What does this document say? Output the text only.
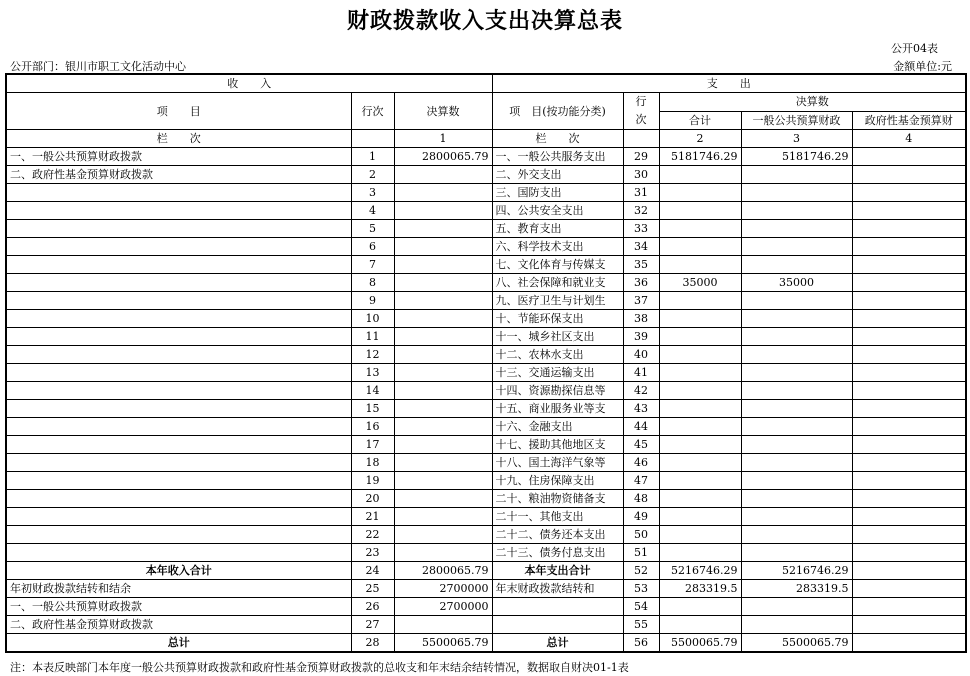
财政拨款收入支出决算总表
公开04表
公开部门：银川市职工文化活动中心	金额单位:元
收　　入			支　　出				
项　　目	行次	决算数	项　目(按功能分类)	行次	决算数		
					合计	一般公共预算财政	政府性基金预算财
栏　　次		1	栏　　次		2	3	4
一、一般公共预算财政拨款	1	2800065.79	一、一般公共服务支出	29	5181746.29	5181746.29	
二、政府性基金预算财政拨款	2		二、外交支出	30			
	3		三、国防支出	31			
	4		四、公共安全支出	32			
	5		五、教育支出	33			
	6		六、科学技术支出	34			
	7		七、文化体育与传媒支	35			
	8		八、社会保障和就业支	36	35000	35000	
	9		九、医疗卫生与计划生	37			
	10		十、节能环保支出	38			
	11		十一、城乡社区支出	39			
	12		十二、农林水支出	40			
	13		十三、交通运输支出	41			
	14		十四、资源勘探信息等	42			
	15		十五、商业服务业等支	43			
	16		十六、金融支出	44			
	17		十七、援助其他地区支	45			
	18		十八、国土海洋气象等	46			
	19		十九、住房保障支出	47			
	20		二十、粮油物资储备支	48			
	21		二十一、其他支出	49			
	22		二十二、债务还本支出	50			
	23		二十三、债务付息支出	51			
本年收入合计	24	2800065.79	本年支出合计	52	5216746.29	5216746.29	
年初财政拨款结转和结余	25	2700000	年末财政拨款结转和	53	283319.5	283319.5	
一、一般公共预算财政拨款	26	2700000		54			
二、政府性基金预算财政拨款	27			55			
总计	28	5500065.79	总计	56	5500065.79	5500065.79	
注：本表反映部门本年度一般公共预算财政拨款和政府性基金预算财政拨款的总收支和年末结余结转情况，数据取自财决01-1表
